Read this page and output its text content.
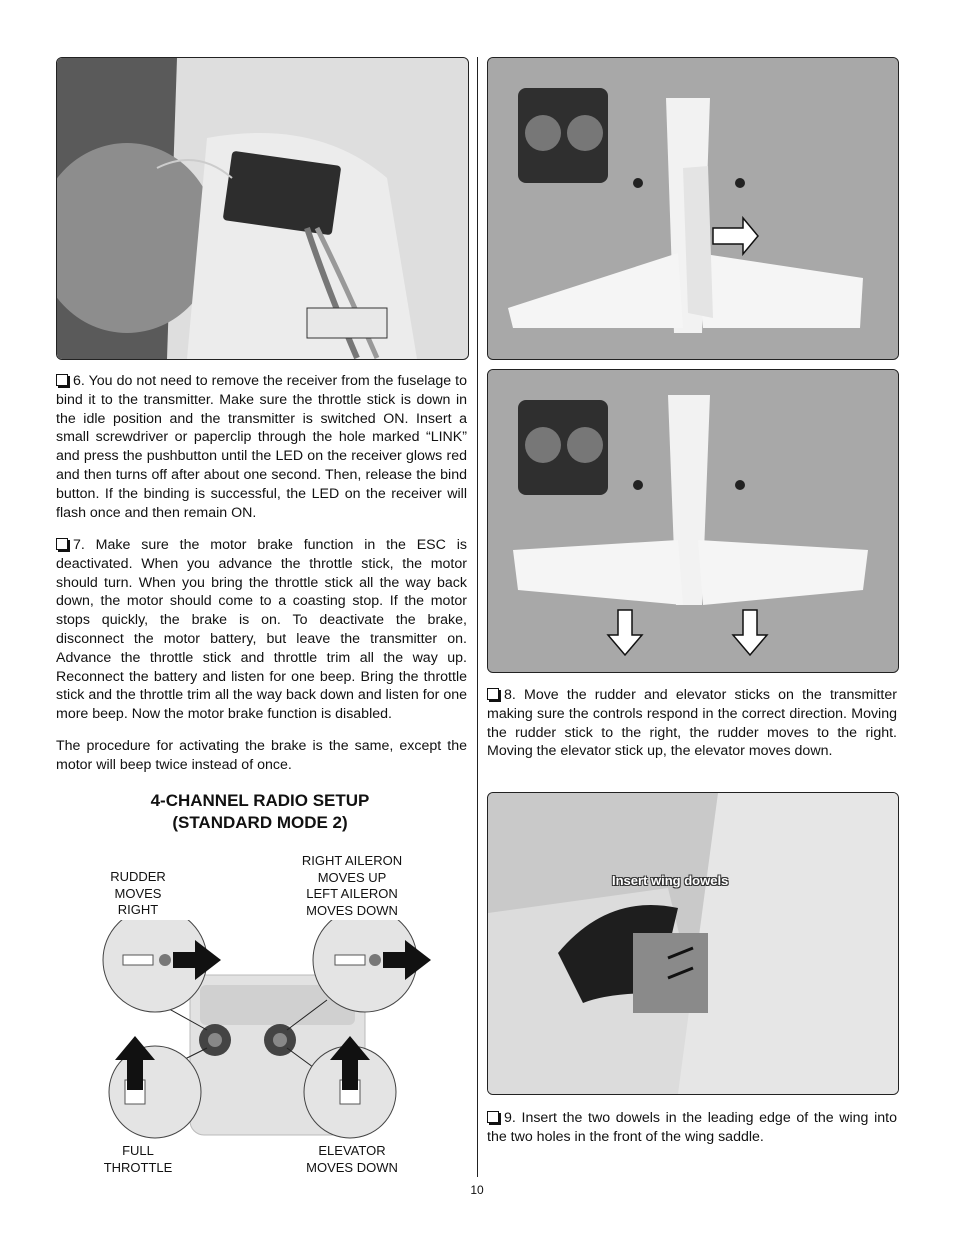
Insert wing dowels

6. You do not need to remove the receiver from the fuselage to bind it to the transmitter. Make sure the throttle stick is down in the idle position and the transmitter is switched ON. Insert a small screwdriver or paperclip through the hole marked “LINK” and press the pushbutton until the LED on the receiver glows red and then turns off after about one second. Then, release the bind button. If the binding is successful, the LED on the receiver will flash once and then remain ON.

7. Make sure the motor brake function in the ESC is deactivated. When you advance the throttle stick, the motor should turn. When you bring the throttle stick all the way back down, the motor should come to a coasting stop. If the motor stops quickly, the brake is on. To deactivate the brake, disconnect the motor battery, but leave the transmitter on. Advance the throttle stick and throttle trim all the way up. Reconnect the battery and listen for one beep. Bring the throttle stick and the throttle trim all the way back down and listen for one more beep. Now the motor brake function is disabled.

The procedure for activating the brake is the same, except the motor will beep twice instead of once.

4-CHANNEL RADIO SETUP
(STANDARD MODE 2)
RUDDER
MOVES
RIGHT
RIGHT AILERON
MOVES UP
LEFT AILERON
MOVES DOWN
FULL
THROTTLE
ELEVATOR
MOVES DOWN

8. Move the rudder and elevator sticks on the transmitter making sure the controls respond in the correct direction. Moving the rudder stick to the right, the rudder moves to the right. Moving the elevator stick up, the elevator moves down.

9. Insert the two dowels in the leading edge of the wing into the two holes in the front of the wing saddle.

10
